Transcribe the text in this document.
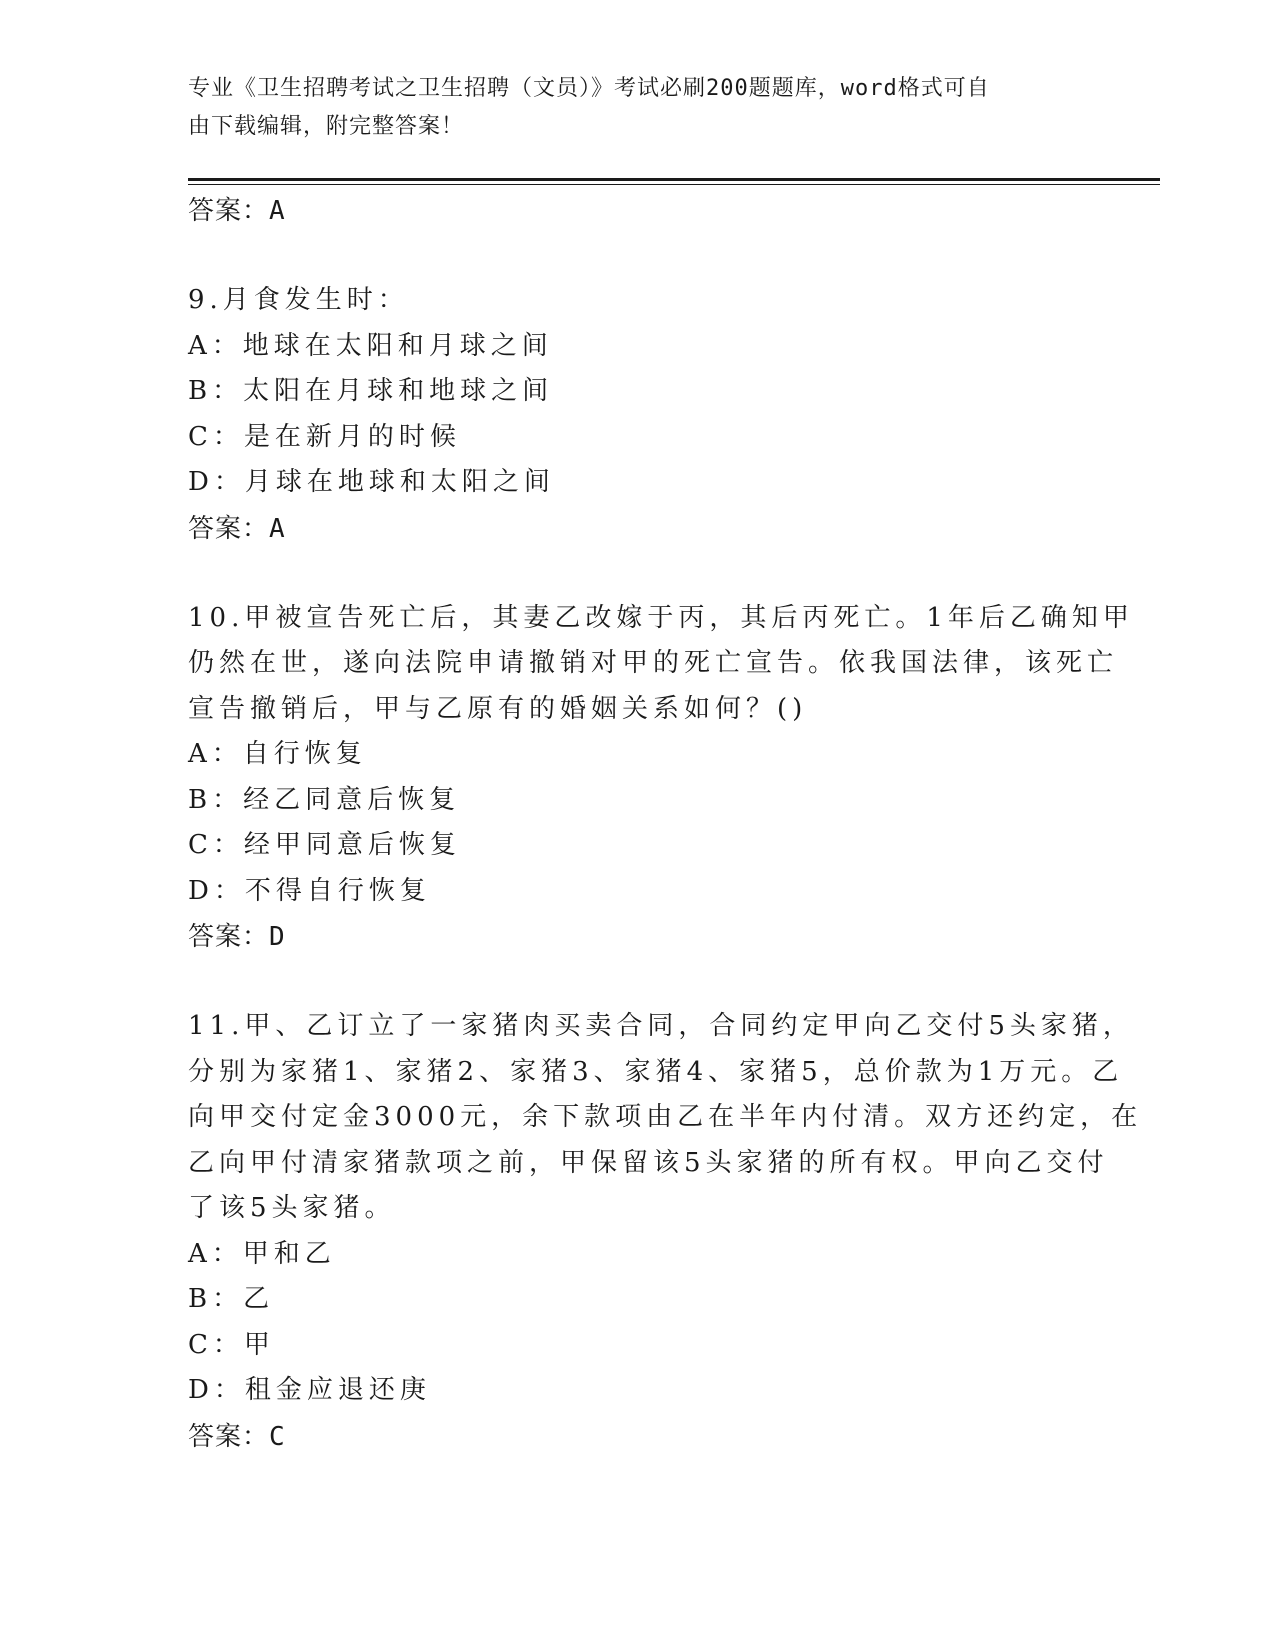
专业《卫生招聘考试之卫生招聘（文员）》考试必刷200题题库，word格式可自
由下载编辑，附完整答案！
答案：A
9.月食发生时：
A：地球在太阳和月球之间
B：太阳在月球和地球之间
C：是在新月的时候
D：月球在地球和太阳之间
答案：A
10.甲被宣告死亡后，其妻乙改嫁于丙，其后丙死亡。1年后乙确知甲
仍然在世，遂向法院申请撤销对甲的死亡宣告。依我国法律，该死亡
宣告撤销后，甲与乙原有的婚姻关系如何？()
A：自行恢复
B：经乙同意后恢复
C：经甲同意后恢复
D：不得自行恢复
答案：D
11.甲、乙订立了一家猪肉买卖合同，合同约定甲向乙交付5头家猪，
分别为家猪1、家猪2、家猪3、家猪4、家猪5，总价款为1万元。乙
向甲交付定金3000元，余下款项由乙在半年内付清。双方还约定，在
乙向甲付清家猪款项之前，甲保留该5头家猪的所有权。甲向乙交付
了该5头家猪。
A：甲和乙
B：乙
C：甲
D：租金应退还庚
答案：C
